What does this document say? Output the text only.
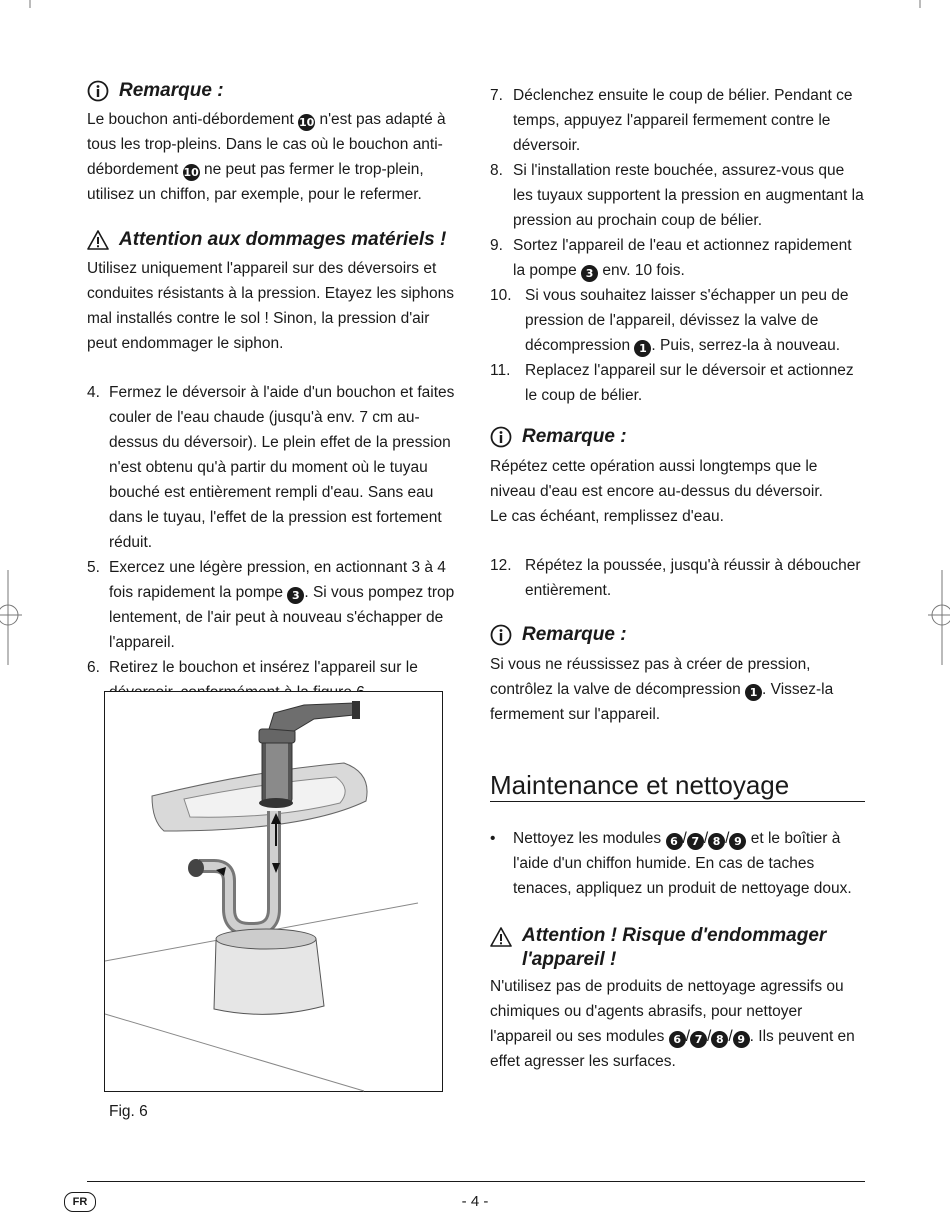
Remarque :

Le bouchon anti-débordement 10 n'est pas adapté à tous les trop-pleins. Dans le cas où le bouchon anti-débordement 10 ne peut pas fermer le trop-plein, utilisez un chiffon, par exemple, pour le refermer.

Attention aux dommages matériels !

Utilisez uniquement l'appareil sur des déversoirs et conduites résistants à la pression. Etayez les siphons mal installés contre le sol ! Sinon, la pression d'air peut endommager le siphon.

4. Fermez le déversoir à l'aide d'un bouchon et faites couler de l'eau chaude (jusqu'à env. 7 cm au-dessus du déversoir). Le plein effet de la pression n'est obtenu qu'à partir du moment où le tuyau bouché est entièrement rempli d'eau. Sans eau dans le tuyau, l'effet de la pression est fortement réduit.
5. Exercez une légère pression, en actionnant 3 à 4 fois rapidement la pompe 3 . Si vous pompez trop lentement, de l'air peut à nouveau s'échapper de l'appareil.
6. Retirez le bouchon et insérez l'appareil sur le
Fig. 6
7. Déclenchez ensuite le coup de bélier. Pendant ce temps, appuyez l'appareil fermement contre le déversoir.
8. Si l'installation reste bouchée, assurez-vous que les tuyaux supportent la pression en augmentant la pression au prochain coup de bélier.
9. Sortez l'appareil de l'eau et actionnez rapidement la pompe 3 env. 10 fois.
10. Si vous souhaitez laisser s'échapper un peu de pression de l'appareil, dévissez la valve de décompression 1 . Puis, serrez-la à nouveau.
11. Replacez l'appareil sur le déversoir et actionnez le coup de bélier.
Remarque :

Répétez cette opération aussi longtemps que le niveau d'eau est encore au-dessus du déversoir.

Le cas échéant, remplissez d'eau.

12. Répétez la poussée, jusqu'à réussir à déboucher entièrement.
Remarque :

Si vous ne réussissez pas à créer de pression, contrôlez la valve de décompression 1 . Vissez-la fermement sur l'appareil.

Maintenance et nettoyage
• Nettoyez les modules 6 / 7 / 8 / 9 et le boîtier à l'aide d'un chiffon humide. En cas de taches tenaces, appliquez un produit de nettoyage doux.
Attention ! Risque d'endommager l'appareil !

N'utilisez pas de produits de nettoyage agressifs ou chimiques ou d'agents abrasifs, pour nettoyer l'appareil ou ses modules 6 / 7 / 8 / 9 . Ils peuvent en effet agresser les surfaces.

FR	- 4 -
